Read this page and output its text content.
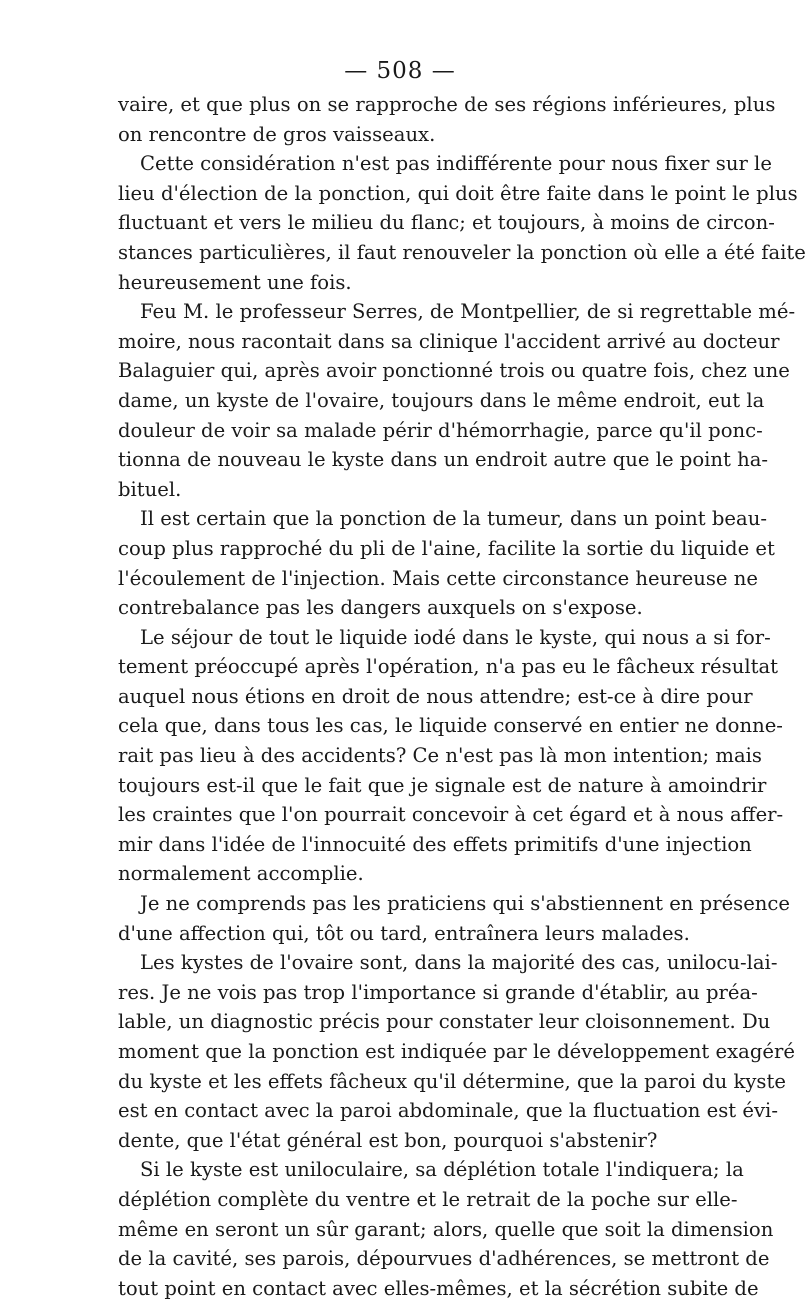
— 508 —
vaire, et que plus on se rapproche de ses régions inférieures, plus
on rencontre de gros vaisseaux.
Cette considération n'est pas indifférente pour nous fixer sur le
lieu d'élection de la ponction, qui doit être faite dans le point le plus
fluctuant et vers le milieu du flanc; et toujours, à moins de circon-
stances particulières, il faut renouveler la ponction où elle a été faite
heureusement une fois.
Feu M. le professeur Serres, de Montpellier, de si regrettable mé-
moire, nous racontait dans sa clinique l'accident arrivé au docteur
Balaguier qui, après avoir ponctionné trois ou quatre fois, chez une
dame, un kyste de l'ovaire, toujours dans le même endroit, eut la
douleur de voir sa malade périr d'hémorrhagie, parce qu'il ponc-
tionna de nouveau le kyste dans un endroit autre que le point ha-
bituel.
Il est certain que la ponction de la tumeur, dans un point beau-
coup plus rapproché du pli de l'aine, facilite la sortie du liquide et
l'écoulement de l'injection. Mais cette circonstance heureuse ne
contrebalance pas les dangers auxquels on s'expose.
Le séjour de tout le liquide iodé dans le kyste, qui nous a si for-
tement préoccupé après l'opération, n'a pas eu le fâcheux résultat
auquel nous étions en droit de nous attendre; est-ce à dire pour
cela que, dans tous les cas, le liquide conservé en entier ne donne-
rait pas lieu à des accidents? Ce n'est pas là mon intention; mais
toujours est-il que le fait que je signale est de nature à amoindrir
les craintes que l'on pourrait concevoir à cet égard et à nous affer-
mir dans l'idée de l'innocuité des effets primitifs d'une injection
normalement accomplie.
Je ne comprends pas les praticiens qui s'abstiennent en présence
d'une affection qui, tôt ou tard, entraînera leurs malades.
Les kystes de l'ovaire sont, dans la majorité des cas, unilocu-lai-
res. Je ne vois pas trop l'importance si grande d'établir, au préa-
lable, un diagnostic précis pour constater leur cloisonnement. Du
moment que la ponction est indiquée par le développement exagéré
du kyste et les effets fâcheux qu'il détermine, que la paroi du kyste
est en contact avec la paroi abdominale, que la fluctuation est évi-
dente, que l'état général est bon, pourquoi s'abstenir?
Si le kyste est uniloculaire, sa déplétion totale l'indiquera; la
déplétion complète du ventre et le retrait de la poche sur elle-
même en seront un sûr garant; alors, quelle que soit la dimension
de la cavité, ses parois, dépourvues d'adhérences, se mettront de
tout point en contact avec elles-mêmes, et la sécrétion subite de
